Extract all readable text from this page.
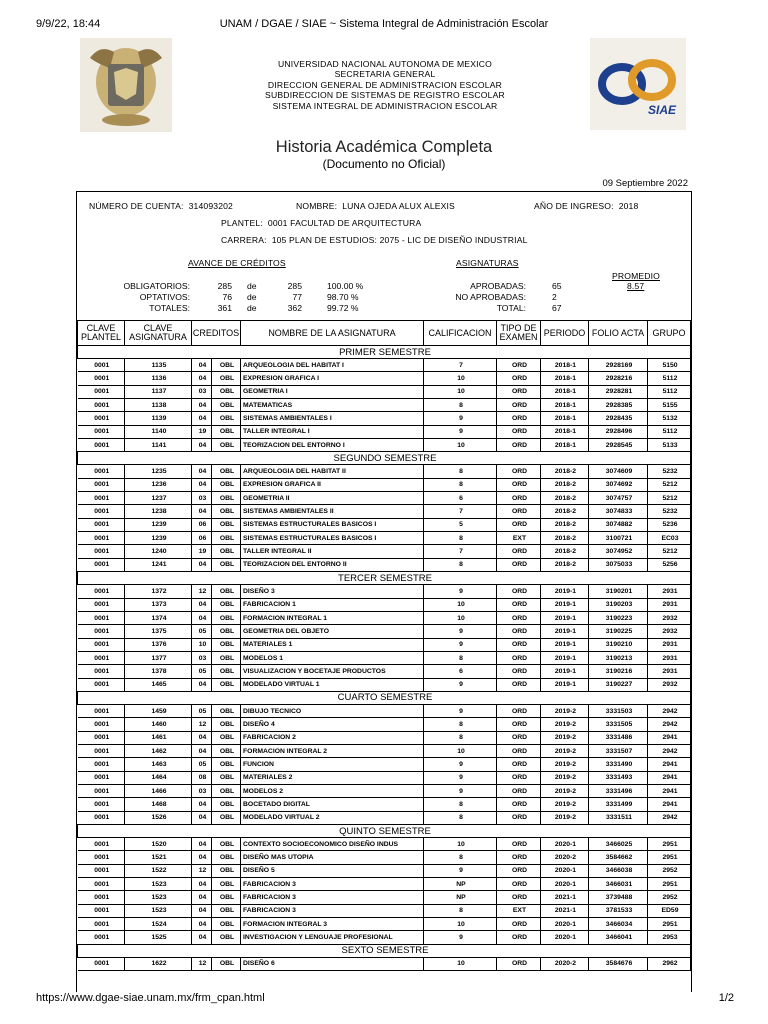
9/9/22, 18:44	UNAM / DGAE / SIAE ~ Sistema Integral de Administración Escolar
SIAE
UNIVERSIDAD NACIONAL AUTONOMA DE MEXICO
SECRETARIA GENERAL
DIRECCION GENERAL DE ADMINISTRACION ESCOLAR
SUBDIRECCION DE SISTEMAS DE REGISTRO ESCOLAR
SISTEMA INTEGRAL DE ADMINISTRACION ESCOLAR
Historia Académica Completa
(Documento no Oficial)
09 Septiembre 2022
NÚMERO DE CUENTA: 314093202	NOMBRE: LUNA OJEDA ALUX ALEXIS	AÑO DE INGRESO: 2018
PLANTEL: 0001 FACULTAD DE ARQUITECTURA
CARRERA: 105 PLAN DE ESTUDIOS: 2075 - LIC DE DISEÑO INDUSTRIAL
AVANCE DE CRÉDITOS
OBLIGATORIOS:	285 de	285	100.00 %
OPTATIVOS:	76 de	77	98.70 %
TOTALES:	361 de	362	99.72 %
ASIGNATURAS
APROBADAS:	65
NO APROBADAS:	2
TOTAL:	67
PROMEDIO
8.57
CLAVE PLANTEL	CLAVE ASIGNATURA	CREDITOS		NOMBRE DE LA ASIGNATURA	CALIFICACION	TIPO DE EXAMEN	PERIODO	FOLIO ACTA	GRUPO
PRIMER SEMESTRE									
0001	1135	04	OBL	ARQUEOLOGIA DEL HABITAT I	7	ORD	2018-1	2928169	5150
0001	1136	04	OBL	EXPRESION GRAFICA I	10	ORD	2018-1	2928216	5112
0001	1137	03	OBL	GEOMETRIA I	10	ORD	2018-1	2928281	5112
0001	1138	04	OBL	MATEMATICAS	8	ORD	2018-1	2928385	5155
0001	1139	04	OBL	SISTEMAS AMBIENTALES I	9	ORD	2018-1	2928435	5132
0001	1140	19	OBL	TALLER INTEGRAL I	9	ORD	2018-1	2928496	5112
0001	1141	04	OBL	TEORIZACION DEL ENTORNO I	10	ORD	2018-1	2928545	5133
SEGUNDO SEMESTRE									
0001	1235	04	OBL	ARQUEOLOGIA DEL HABITAT II	8	ORD	2018-2	3074609	5232
0001	1236	04	OBL	EXPRESION GRAFICA II	8	ORD	2018-2	3074692	5212
0001	1237	03	OBL	GEOMETRIA II	6	ORD	2018-2	3074757	5212
0001	1238	04	OBL	SISTEMAS AMBIENTALES II	7	ORD	2018-2	3074833	5232
0001	1239	06	OBL	SISTEMAS ESTRUCTURALES BASICOS I	5	ORD	2018-2	3074882	5236
0001	1239	06	OBL	SISTEMAS ESTRUCTURALES BASICOS I	8	EXT	2018-2	3100721	EC03
0001	1240	19	OBL	TALLER INTEGRAL II	7	ORD	2018-2	3074952	5212
0001	1241	04	OBL	TEORIZACION DEL ENTORNO II	8	ORD	2018-2	3075033	5256
TERCER SEMESTRE									
0001	1372	12	OBL	DISEÑO 3	9	ORD	2019-1	3190201	2931
0001	1373	04	OBL	FABRICACION 1	10	ORD	2019-1	3190203	2931
0001	1374	04	OBL	FORMACION INTEGRAL 1	10	ORD	2019-1	3190223	2932
0001	1375	05	OBL	GEOMETRIA DEL OBJETO	9	ORD	2019-1	3190225	2932
0001	1376	10	OBL	MATERIALES 1	9	ORD	2019-1	3190210	2931
0001	1377	03	OBL	MODELOS 1	8	ORD	2019-1	3190213	2931
0001	1378	05	OBL	VISUALIZACION Y BOCETAJE PRODUCTOS	6	ORD	2019-1	3190216	2931
0001	1465	04	OBL	MODELADO VIRTUAL 1	9	ORD	2019-1	3190227	2932
CUARTO SEMESTRE									
0001	1459	05	OBL	DIBUJO TECNICO	9	ORD	2019-2	3331503	2942
0001	1460	12	OBL	DISEÑO 4	8	ORD	2019-2	3331505	2942
0001	1461	04	OBL	FABRICACION 2	8	ORD	2019-2	3331486	2941
0001	1462	04	OBL	FORMACION INTEGRAL 2	10	ORD	2019-2	3331507	2942
0001	1463	05	OBL	FUNCION	9	ORD	2019-2	3331490	2941
0001	1464	08	OBL	MATERIALES 2	9	ORD	2019-2	3331493	2941
0001	1466	03	OBL	MODELOS 2	9	ORD	2019-2	3331496	2941
0001	1468	04	OBL	BOCETADO DIGITAL	8	ORD	2019-2	3331499	2941
0001	1526	04	OBL	MODELADO VIRTUAL 2	8	ORD	2019-2	3331511	2942
QUINTO SEMESTRE									
0001	1520	04	OBL	CONTEXTO SOCIOECONOMICO DISEÑO INDUS	10	ORD	2020-1	3466025	2951
0001	1521	04	OBL	DISEÑO MAS UTOPIA	8	ORD	2020-2	3584662	2951
0001	1522	12	OBL	DISEÑO 5	9	ORD	2020-1	3466038	2952
0001	1523	04	OBL	FABRICACION 3	NP	ORD	2020-1	3466031	2951
0001	1523	04	OBL	FABRICACION 3	NP	ORD	2021-1	3739488	2952
0001	1523	04	OBL	FABRICACION 3	8	EXT	2021-1	3781533	ED59
0001	1524	04	OBL	FORMACION INTEGRAL 3	10	ORD	2020-1	3466034	2951
0001	1525	04	OBL	INVESTIGACION Y LENGUAJE PROFESIONAL	9	ORD	2020-1	3466041	2953
SEXTO SEMESTRE									
0001	1622	12	OBL	DISEÑO 6	10	ORD	2020-2	3584676	2962
https://www.dgae-siae.unam.mx/frm_cpan.html	1/2
